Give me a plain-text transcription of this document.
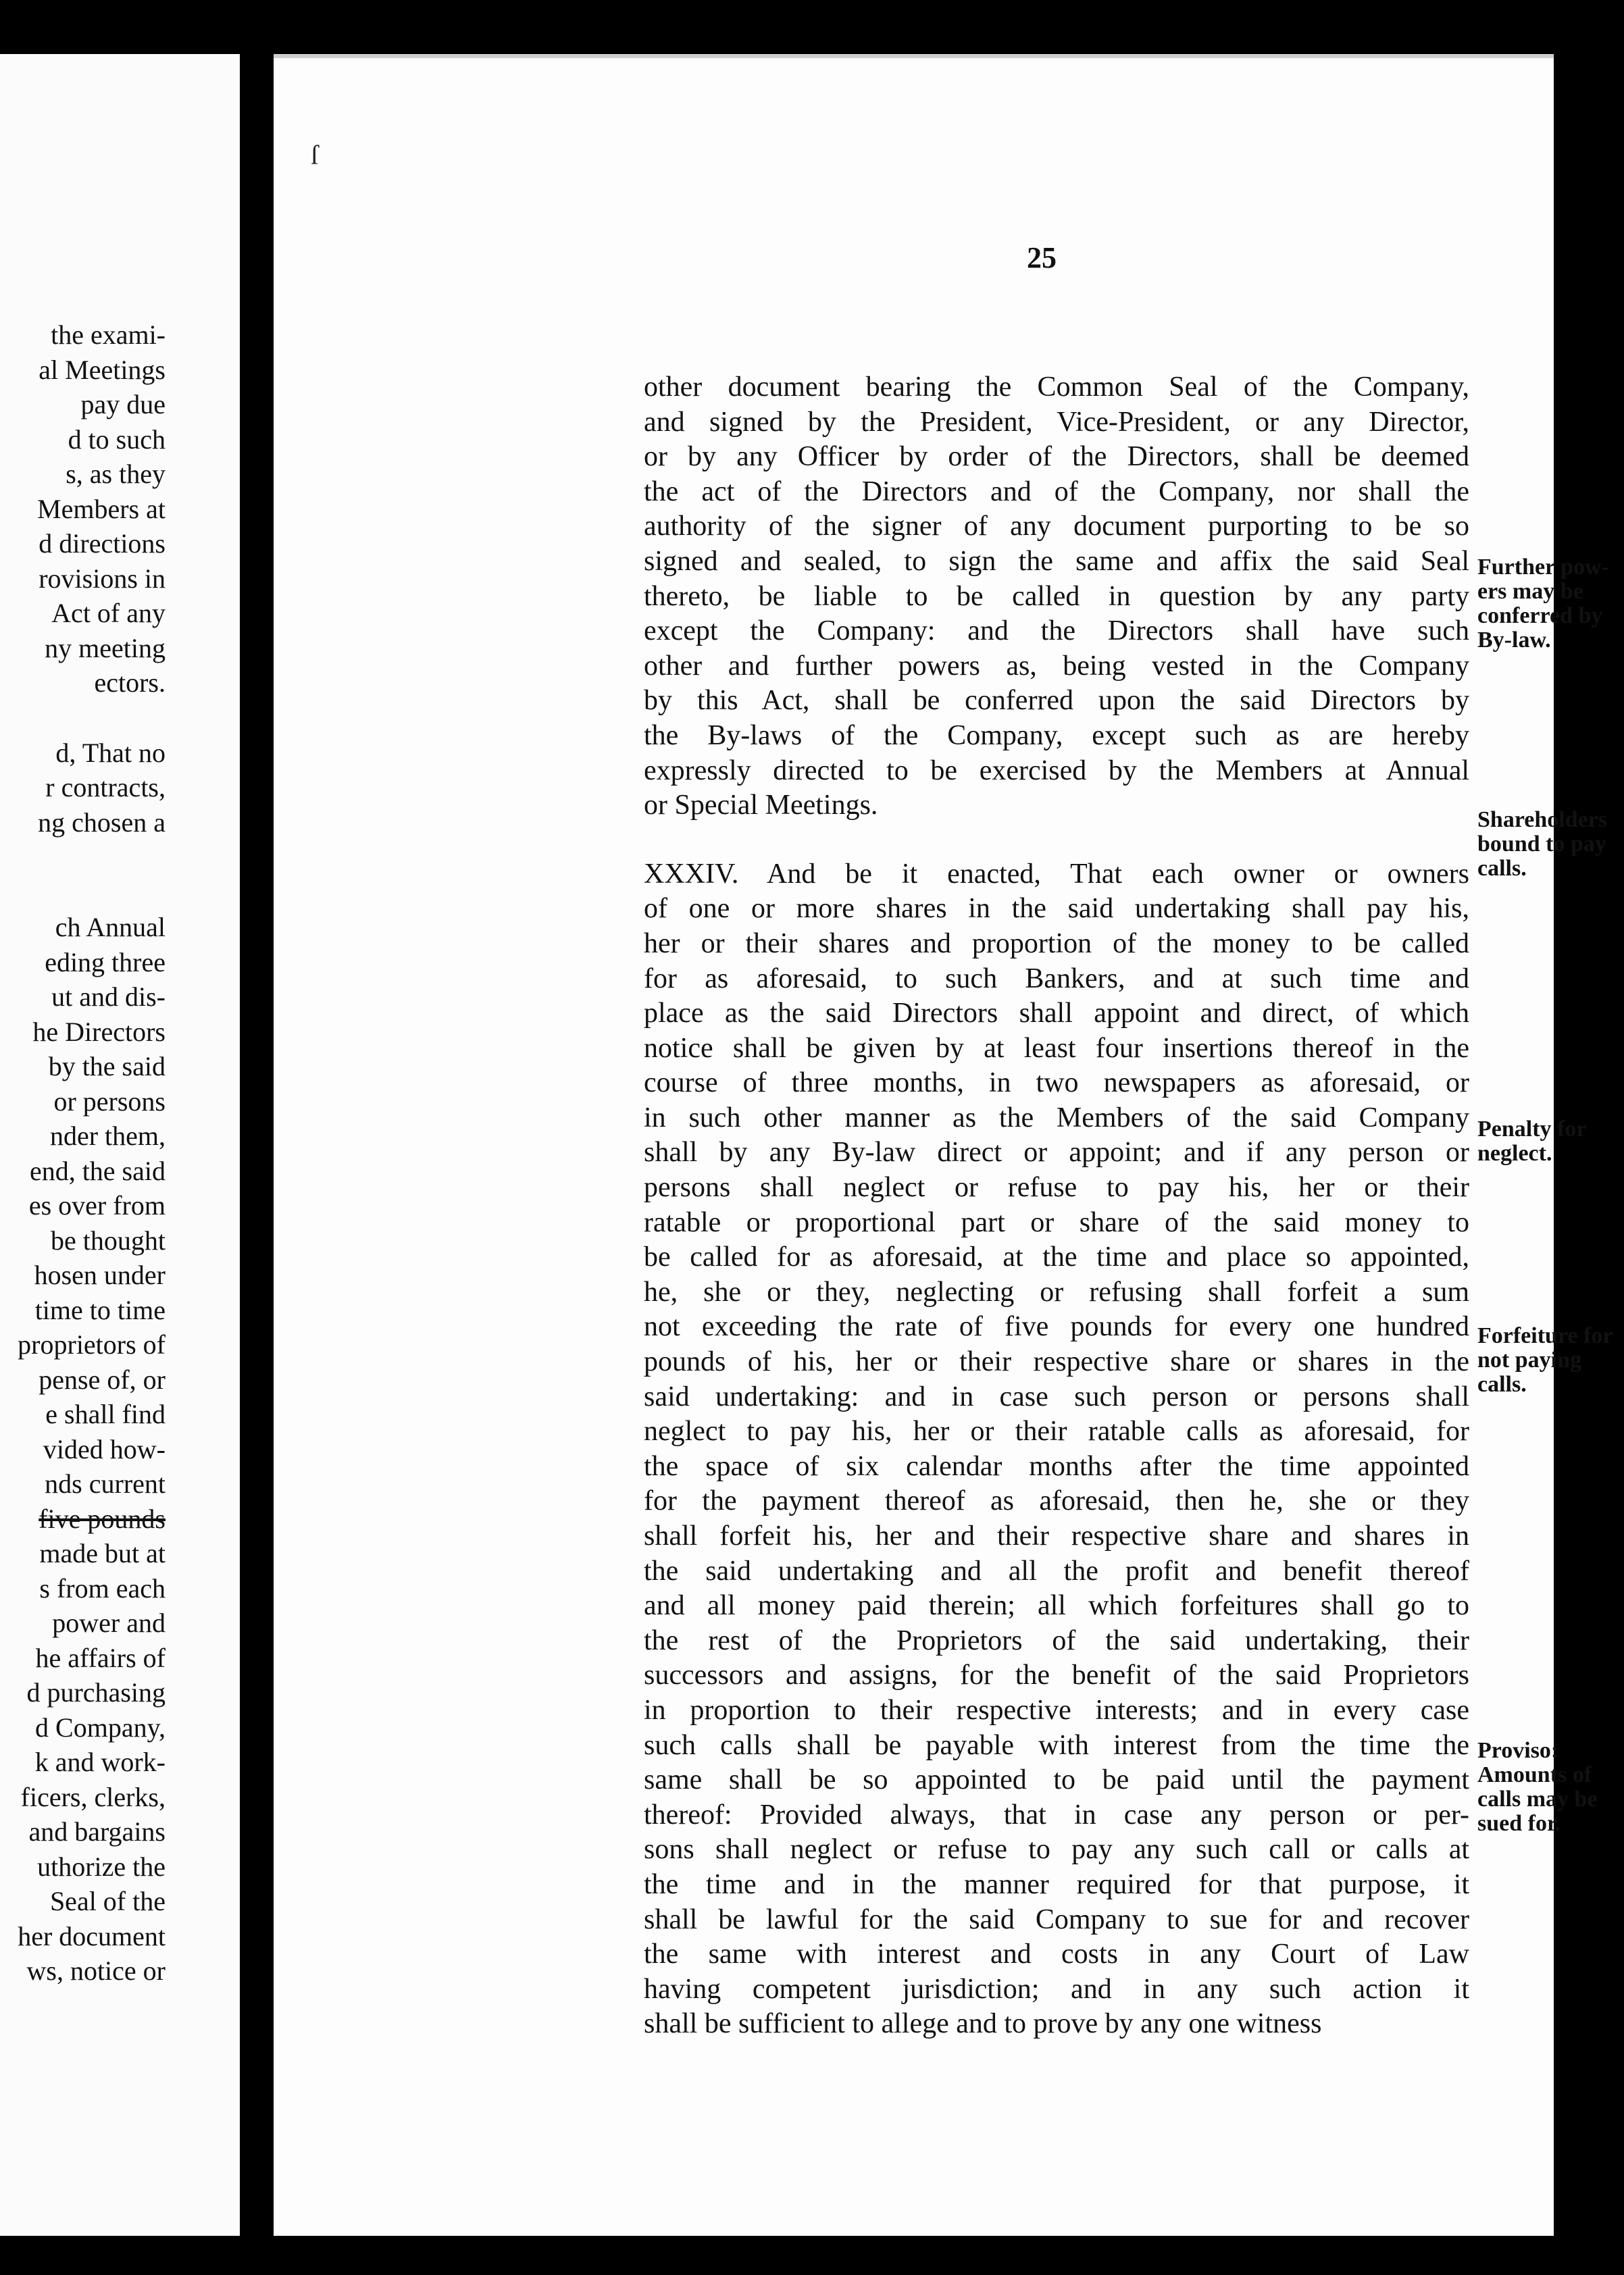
the exami-
al Meetings
pay due
d to such
s, as they
Members at
d directions
rovisions in
Act of any
ny meeting
ectors.
d, That no
r contracts,
ng chosen a
ch Annual
eding three
ut and dis-
he Directors
by the said
or persons
nder them,
end, the said
es over from
be thought
hosen under
time to time
proprietors of
pense of, or
e shall find
vided how-
nds current
five pounds
made but at
s from each
power and
he affairs of
d purchasing
d Company,
k and work-
ficers, clerks,
and bargains
uthorize the
Seal of the
her document
ws, notice or
25
ſ
other document bearing the Common Seal of the Company,
and signed by the President, Vice-President, or any Director,
or by any Officer by order of the Directors, shall be deemed
the act of the Directors and of the Company, nor shall the
authority of the signer of any document purporting to be so
signed and sealed, to sign the same and affix the said Seal
thereto, be liable to be called in question by any party
except the Company: and the Directors shall have such
other and further powers as, being vested in the Company
by this Act, shall be conferred upon the said Directors by
the By-laws of the Company, except such as are hereby
expressly directed to be exercised by the Members at Annual
or Special Meetings.
XXXIV. And be it enacted, That each owner or owners
of one or more shares in the said undertaking shall pay his,
her or their shares and proportion of the money to be called
for as aforesaid, to such Bankers, and at such time and
place as the said Directors shall appoint and direct, of which
notice shall be given by at least four insertions thereof in the
course of three months, in two newspapers as aforesaid, or
in such other manner as the Members of the said Company
shall by any By-law direct or appoint; and if any person or
persons shall neglect or refuse to pay his, her or their
ratable or proportional part or share of the said money to
be called for as aforesaid, at the time and place so appointed,
he, she or they, neglecting or refusing shall forfeit a sum
not exceeding the rate of five pounds for every one hundred
pounds of his, her or their respective share or shares in the
said undertaking: and in case such person or persons shall
neglect to pay his, her or their ratable calls as aforesaid, for
the space of six calendar months after the time appointed
for the payment thereof as aforesaid, then he, she or they
shall forfeit his, her and their respective share and shares in
the said undertaking and all the profit and benefit thereof
and all money paid therein; all which forfeitures shall go to
the rest of the Proprietors of the said undertaking, their
successors and assigns, for the benefit of the said Proprietors
in proportion to their respective interests; and in every case
such calls shall be payable with interest from the time the
same shall be so appointed to be paid until the payment
thereof: Provided always, that in case any person or per-
sons shall neglect or refuse to pay any such call or calls at
the time and in the manner required for that purpose, it
shall be lawful for the said Company to sue for and recover
the same with interest and costs in any Court of Law
having competent jurisdiction; and in any such action it
shall be sufficient to allege and to prove by any one witness
Further pow-
ers may be
conferred by
By-law.
Shareholders
bound to pay
calls.
Penalty for
neglect.
Forfeiture for
not paying
calls.
Proviso:
Amounts of
calls may be
sued for.
